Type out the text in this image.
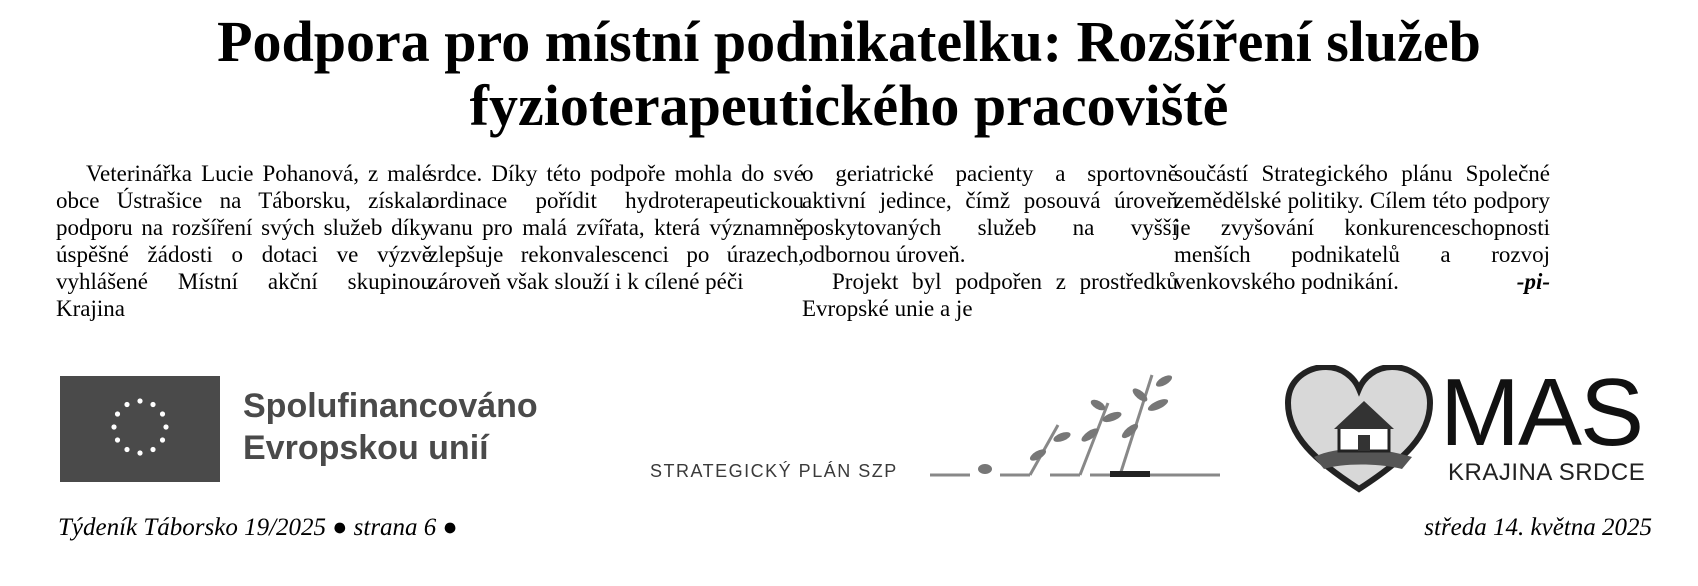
Podpora pro místní podnikatelku: Rozšíření služeb
fyzioterapeutického pracoviště

Veterinářka Lucie Pohanová, z malé obce Ústrašice na Táborsku, získala podporu na rozšíření svých služeb díky úspěšné žádosti o dotaci ve výzvě vyhlášené Místní akční skupinou Krajina

srdce. Díky této podpoře mohla do své ordinace pořídit hydroterapeutickou vanu pro malá zvířata, která významně zlepšuje rekonvalescenci po úrazech, zároveň však slouží i k cílené péči

o geriatrické pacienty a sportovně aktivní jedince, čímž posouvá úroveň poskytovaných služeb na vyšší odbornou úroveň.

Projekt byl podpořen z prostředků Evropské unie a je

součástí Strategického plánu Společné zemědělské politiky. Cílem této podpory je zvyšování konkurenceschopnosti menších podnikatelů a rozvoj venkovského podnikání.	-pi-

Spolufinancováno
Evropskou unií
STRATEGICKÝ PLÁN SZP
MAS
KRAJINA SRDCE
Týdeník Táborsko 19/2025 ● strana 6 ●	středa 14. května 2025
